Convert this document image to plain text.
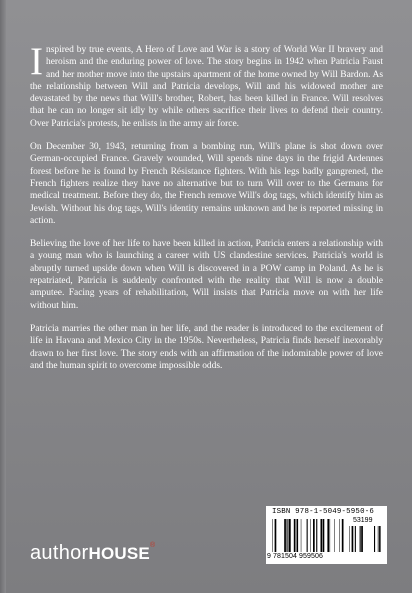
Inspired by true events, A Hero of Love and War is a story of World War II bravery and heroism and the enduring power of love. The story begins in 1942 when Patricia Faust and her mother move into the upstairs apartment of the home owned by Will Bardon. As the relationship between Will and Patricia develops, Will and his widowed mother are devastated by the news that Will's brother, Robert, has been killed in France. Will resolves that he can no longer sit idly by while others sacrifice their lives to defend their country. Over Patricia's protests, he enlists in the army air force.

On December 30, 1943, returning from a bombing run, Will's plane is shot down over German-occupied France. Gravely wounded, Will spends nine days in the frigid Ardennes forest before he is found by French Résistance fighters. With his legs badly gangrened, the French fighters realize they have no alternative but to turn Will over to the Germans for medical treatment. Before they do, the French remove Will's dog tags, which identify him as Jewish. Without his dog tags, Will's identity remains unknown and he is reported missing in action.

Believing the love of her life to have been killed in action, Patricia enters a relationship with a young man who is launching a career with US clandestine services. Patricia's world is abruptly turned upside down when Will is discovered in a POW camp in Poland. As he is repatriated, Patricia is suddenly confronted with the reality that Will is now a double amputee. Facing years of rehabilitation, Will insists that Patricia move on with her life without him.

Patricia marries the other man in her life, and the reader is introduced to the excitement of life in Havana and Mexico City in the 1950s. Nevertheless, Patricia finds herself inexorably drawn to her first love. The story ends with an affirmation of the indomitable power of love and the human spirit to overcome impossible odds.

authorHOUSE®
ISBN 978-1-5049-5950-6
53199
9 781504 959506
